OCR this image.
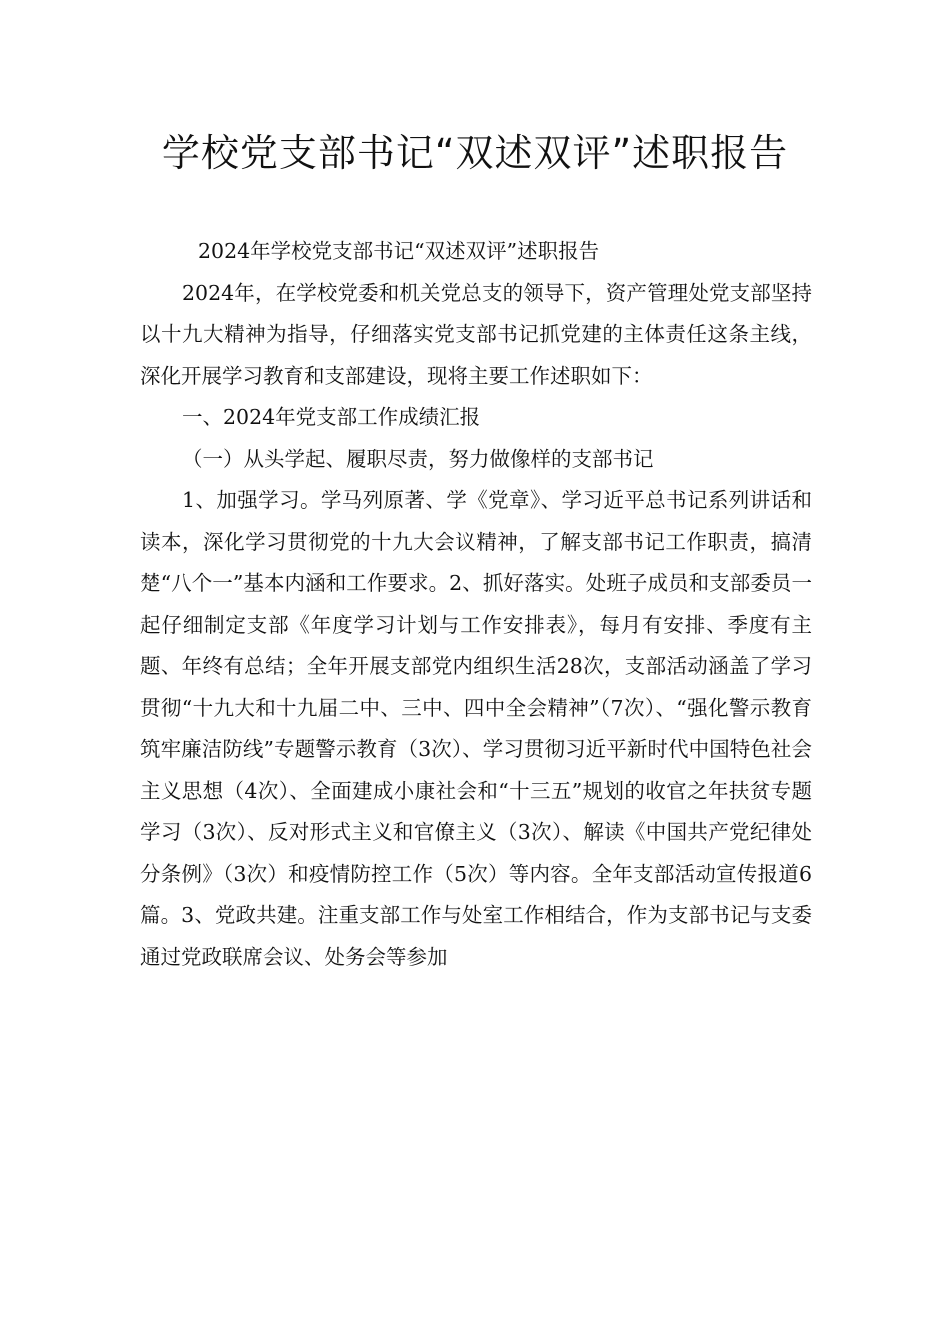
学校党支部书记“双述双评”述职报告

2024年学校党支部书记“双述双评”述职报告

2024年，在学校党委和机关党总支的领导下，资产管理处党支部坚持以十九大精神为指导，仔细落实党支部书记抓党建的主体责任这条主线，深化开展学习教育和支部建设，现将主要工作述职如下：

一、2024年党支部工作成绩汇报

（一）从头学起、履职尽责，努力做像样的支部书记

1、加强学习。学马列原著、学《党章》、学习近平总书记系列讲话和读本，深化学习贯彻党的十九大会议精神，了解支部书记工作职责，搞清楚“八个一”基本内涵和工作要求。2、抓好落实。处班子成员和支部委员一起仔细制定支部《年度学习计划与工作安排表》，每月有安排、季度有主题、年终有总结；全年开展支部党内组织生活28次，支部活动涵盖了学习贯彻“十九大和十九届二中、三中、四中全会精神”（7次）、“强化警示教育 筑牢廉洁防线”专题警示教育（3次）、学习贯彻习近平新时代中国特色社会主义思想（4次）、全面建成小康社会和“十三五”规划的收官之年扶贫专题学习（3次）、反对形式主义和官僚主义（3次）、解读《中国共产党纪律处分条例》（3次）和疫情防控工作（5次）等内容。全年支部活动宣传报道6篇。3、党政共建。注重支部工作与处室工作相结合，作为支部书记与支委通过党政联席会议、处务会等参加
